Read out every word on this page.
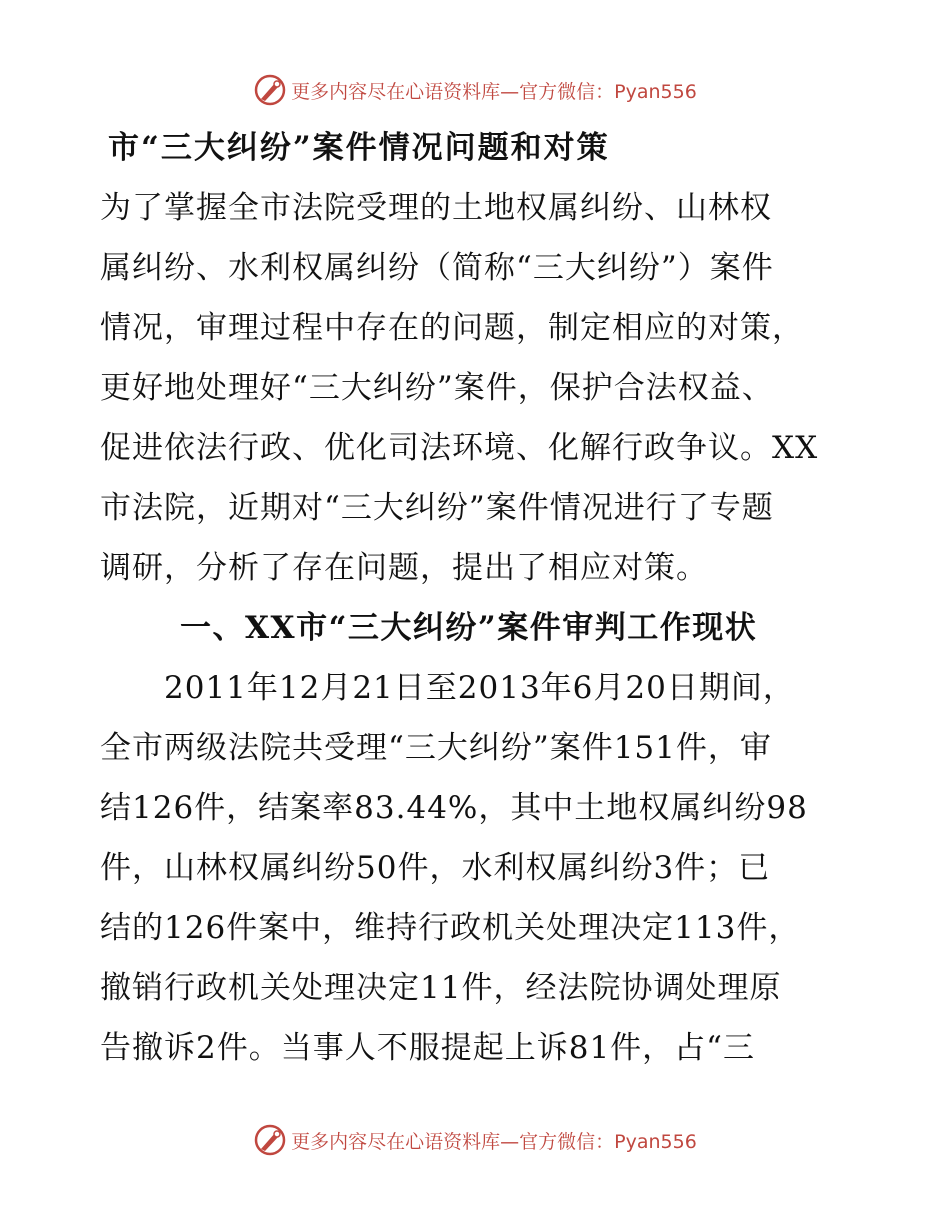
更多内容尽在心语资料库—官方微信：Pyan556
市“三大纠纷”案件情况问题和对策

为了掌握全市法院受理的土地权属纠纷、山林权
属纠纷、水利权属纠纷（简称“三大纠纷”）案件
情况，审理过程中存在的问题，制定相应的对策，
更好地处理好“三大纠纷”案件，保护合法权益、
促进依法行政、优化司法环境、化解行政争议。XX
市法院，近期对“三大纠纷”案件情况进行了专题
调研，分析了存在问题，提出了相应对策。

一、XX市“三大纠纷”案件审判工作现状

　　2011年12月21日至2013年6月20日期间，
全市两级法院共受理“三大纠纷”案件151件，审
结126件，结案率83.44%，其中土地权属纠纷98
件，山林权属纠纷50件，水利权属纠纷3件；已
结的126件案中，维持行政机关处理决定113件，
撤销行政机关处理决定11件，经法院协调处理原
告撤诉2件。当事人不服提起上诉81件，占“三

更多内容尽在心语资料库—官方微信：Pyan556
